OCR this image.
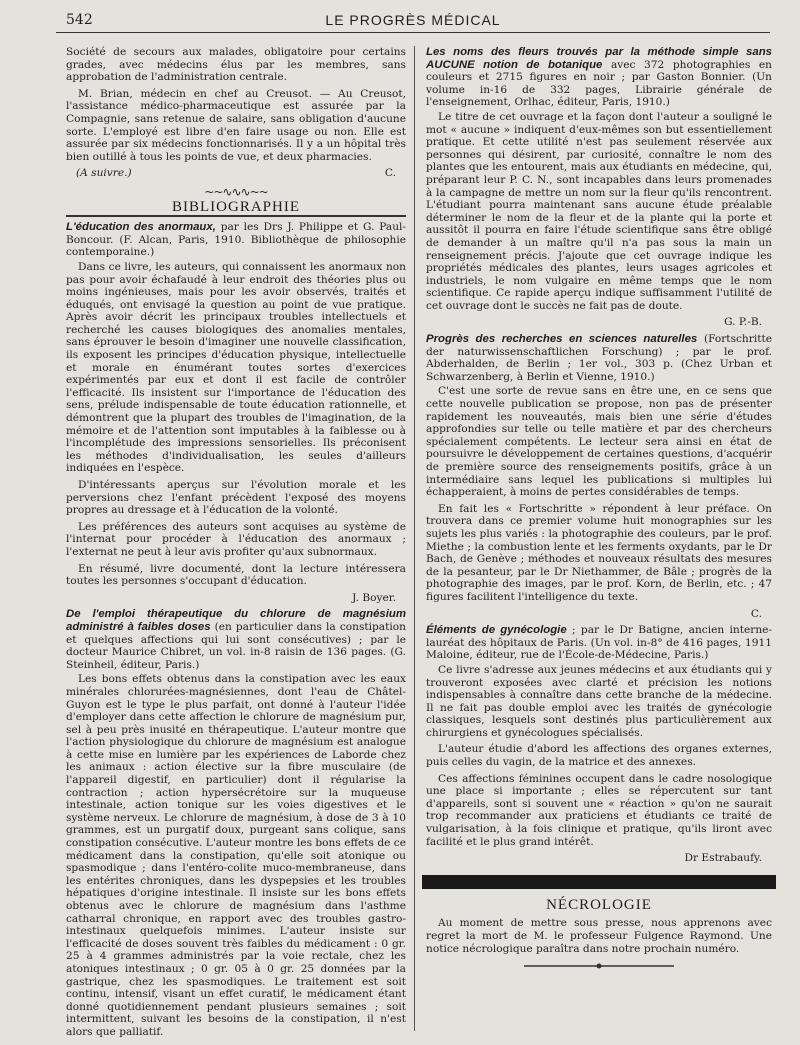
542	LE PROGRÈS MÉDICAL

Société de secours aux malades, obligatoire pour certains grades, avec médecins élus par les membres, sans approbation de l'administration centrale.

M. Brian, médecin en chef au Creusot. — Au Creusot, l'assistance médico-pharmaceutique est assurée par la Compagnie, sans retenue de salaire, sans obligation d'aucune sorte. L'employé est libre d'en faire usage ou non. Elle est assurée par six médecins fonctionnarisés. Il y a un hôpital très bien outillé à tous les points de vue, et deux pharmacies.

(A suivre.)	C.
~~∿∿∿~~
BIBLIOGRAPHIE

L'éducation des anormaux, par les Drs J. Philippe et G. Paul-Boncour. (F. Alcan, Paris, 1910. Bibliothèque de philosophie contemporaine.)

Dans ce livre, les auteurs, qui connaissent les anormaux non pas pour avoir échafaudé à leur endroit des théories plus ou moins ingénieuses, mais pour les avoir observés, traités et éduqués, ont envisagé la question au point de vue pratique. Après avoir décrit les principaux troubles intellectuels et recherché les causes biologiques des anomalies mentales, sans éprouver le besoin d'imaginer une nouvelle classification, ils exposent les principes d'éducation physique, intellectuelle et morale en énumérant toutes sortes d'exercices expérimentés par eux et dont il est facile de contrôler l'efficacité. Ils insistent sur l'importance de l'éducation des sens, prélude indispensable de toute éducation rationnelle, et démontrent que la plupart des troubles de l'imagination, de la mémoire et de l'attention sont imputables à la faiblesse ou à l'incomplétude des impressions sensorielles. Ils préconisent les méthodes d'individualisation, les seules d'ailleurs indiquées en l'espèce.

D'intéressants aperçus sur l'évolution morale et les perversions chez l'enfant précèdent l'exposé des moyens propres au dressage et à l'éducation de la volonté.

Les préférences des auteurs sont acquises au système de l'internat pour procéder à l'éducation des anormaux ; l'externat ne peut à leur avis profiter qu'aux subnormaux.

En résumé, livre documenté, dont la lecture intéressera toutes les personnes s'occupant d'éducation.

J. Boyer.

De l'emploi thérapeutique du chlorure de magnésium administré à faibles doses (en particulier dans la constipation et quelques affections qui lui sont consécutives) ; par le docteur Maurice Chibret, un vol. in-8 raisin de 136 pages. (G. Steinheil, éditeur, Paris.)

Les bons effets obtenus dans la constipation avec les eaux minérales chlorurées-magnésiennes, dont l'eau de Châtel-Guyon est le type le plus parfait, ont donné à l'auteur l'idée d'employer dans cette affection le chlorure de magnésium pur, sel à peu près inusité en thérapeutique. L'auteur montre que l'action physiologique du chlorure de magnésium est analogue à cette mise en lumière par les expériences de Laborde chez les animaux : action élective sur la fibre musculaire (de l'appareil digestif, en particulier) dont il régularise la contraction ; action hypersécrétoire sur la muqueuse intestinale, action tonique sur les voies digestives et le système nerveux. Le chlorure de magnésium, à dose de 3 à 10 grammes, est un purgatif doux, purgeant sans colique, sans constipation consécutive. L'auteur montre les bons effets de ce médicament dans la constipation, qu'elle soit atonique ou spasmodique ; dans l'entéro-colite muco-membraneuse, dans les entérites chroniques, dans les dyspepsies et les troubles hépatiques d'origine intestinale. Il insiste sur les bons effets obtenus avec le chlorure de magnésium dans l'asthme catharral chronique, en rapport avec des troubles gastro-intestinaux quelquefois minimes. L'auteur insiste sur l'efficacité de doses souvent très faibles du médicament : 0 gr. 25 à 4 grammes administrés par la voie rectale, chez les atoniques intestinaux ; 0 gr. 05 à 0 gr. 25 données par la gastrique, chez les spasmodiques. Le traitement est soit continu, intensif, visant un effet curatif, le médicament étant donné quotidiennement pendant plusieurs semaines ; soit intermittent, suivant les besoins de la constipation, il n'est alors que palliatif.

Les noms des fleurs trouvés par la méthode simple sans AUCUNE notion de botanique avec 372 photographies en couleurs et 2715 figures en noir ; par Gaston Bonnier. (Un volume in-16 de 332 pages, Librairie générale de l'enseignement, Orlhac, éditeur, Paris, 1910.)

Le titre de cet ouvrage et la façon dont l'auteur a souligné le mot « aucune » indiquent d'eux-mêmes son but essentiellement pratique. Et cette utilité n'est pas seulement réservée aux personnes qui désirent, par curiosité, connaître le nom des plantes que les entourent, mais aux étudiants en médecine, qui, préparant leur P. C. N., sont incapables dans leurs promenades à la campagne de mettre un nom sur la fleur qu'ils rencontrent. L'étudiant pourra maintenant sans aucune étude préalable déterminer le nom de la fleur et de la plante qui la porte et aussitôt il pourra en faire l'étude scientifique sans être obligé de demander à un maître qu'il n'a pas sous la main un renseignement précis. J'ajoute que cet ouvrage indique les propriétés médicales des plantes, leurs usages agricoles et industriels, le nom vulgaire en même temps que le nom scientifique. Ce rapide aperçu indique suffisamment l'utilité de cet ouvrage dont le succès ne fait pas de doute.

G. P.-B.

Progrès des recherches en sciences naturelles (Fortschritte der naturwissenschaftlichen Forschung) ; par le prof. Abderhalden, de Berlin ; 1er vol., 303 p. (Chez Urban et Schwarzenberg, à Berlin et Vienne, 1910.)

C'est une sorte de revue sans en être une, en ce sens que cette nouvelle publication se propose, non pas de présenter rapidement les nouveautés, mais bien une série d'études approfondies sur telle ou telle matière et par des chercheurs spécialement compétents. Le lecteur sera ainsi en état de poursuivre le développement de certaines questions, d'acquérir de première source des renseignements positifs, grâce à un intermédiaire sans lequel les publications si multiples lui échapperaient, à moins de pertes considérables de temps.

En fait les « Fortschritte » répondent à leur préface. On trouvera dans ce premier volume huit monographies sur les sujets les plus variés : la photographie des couleurs, par le prof. Miethe ; la combustion lente et les ferments oxydants, par le Dr Bach, de Genève ; méthodes et nouveaux résultats des mesures de la pesanteur, par le Dr Niethammer, de Bâle ; progrès de la photographie des images, par le prof. Korn, de Berlin, etc. ; 47 figures facilitent l'intelligence du texte.

C.

Éléments de gynécologie ; par le Dr Batigne, ancien interne-lauréat des hôpitaux de Paris. (Un vol. in-8° de 416 pages, 1911 Maloine, éditeur, rue de l'École-de-Médecine, Paris.)

Ce livre s'adresse aux jeunes médecins et aux étudiants qui y trouveront exposées avec clarté et précision les notions indispensables à connaître dans cette branche de la médecine. Il ne fait pas double emploi avec les traités de gynécologie classiques, lesquels sont destinés plus particulièrement aux chirurgiens et gynécologues spécialisés.

L'auteur étudie d'abord les affections des organes externes, puis celles du vagin, de la matrice et des annexes.

Ces affections féminines occupent dans le cadre nosologique une place si importante ; elles se répercutent sur tant d'appareils, sont si souvent une « réaction » qu'on ne saurait trop recommander aux praticiens et étudiants ce traité de vulgarisation, à la fois clinique et pratique, qu'ils liront avec facilité et le plus grand intérêt.

Dr Estrabaufy.
NÉCROLOGIE

Au moment de mettre sous presse, nous apprenons avec regret la mort de M. le professeur Fulgence Raymond. Une notice nécrologique paraîtra dans notre prochain numéro.
